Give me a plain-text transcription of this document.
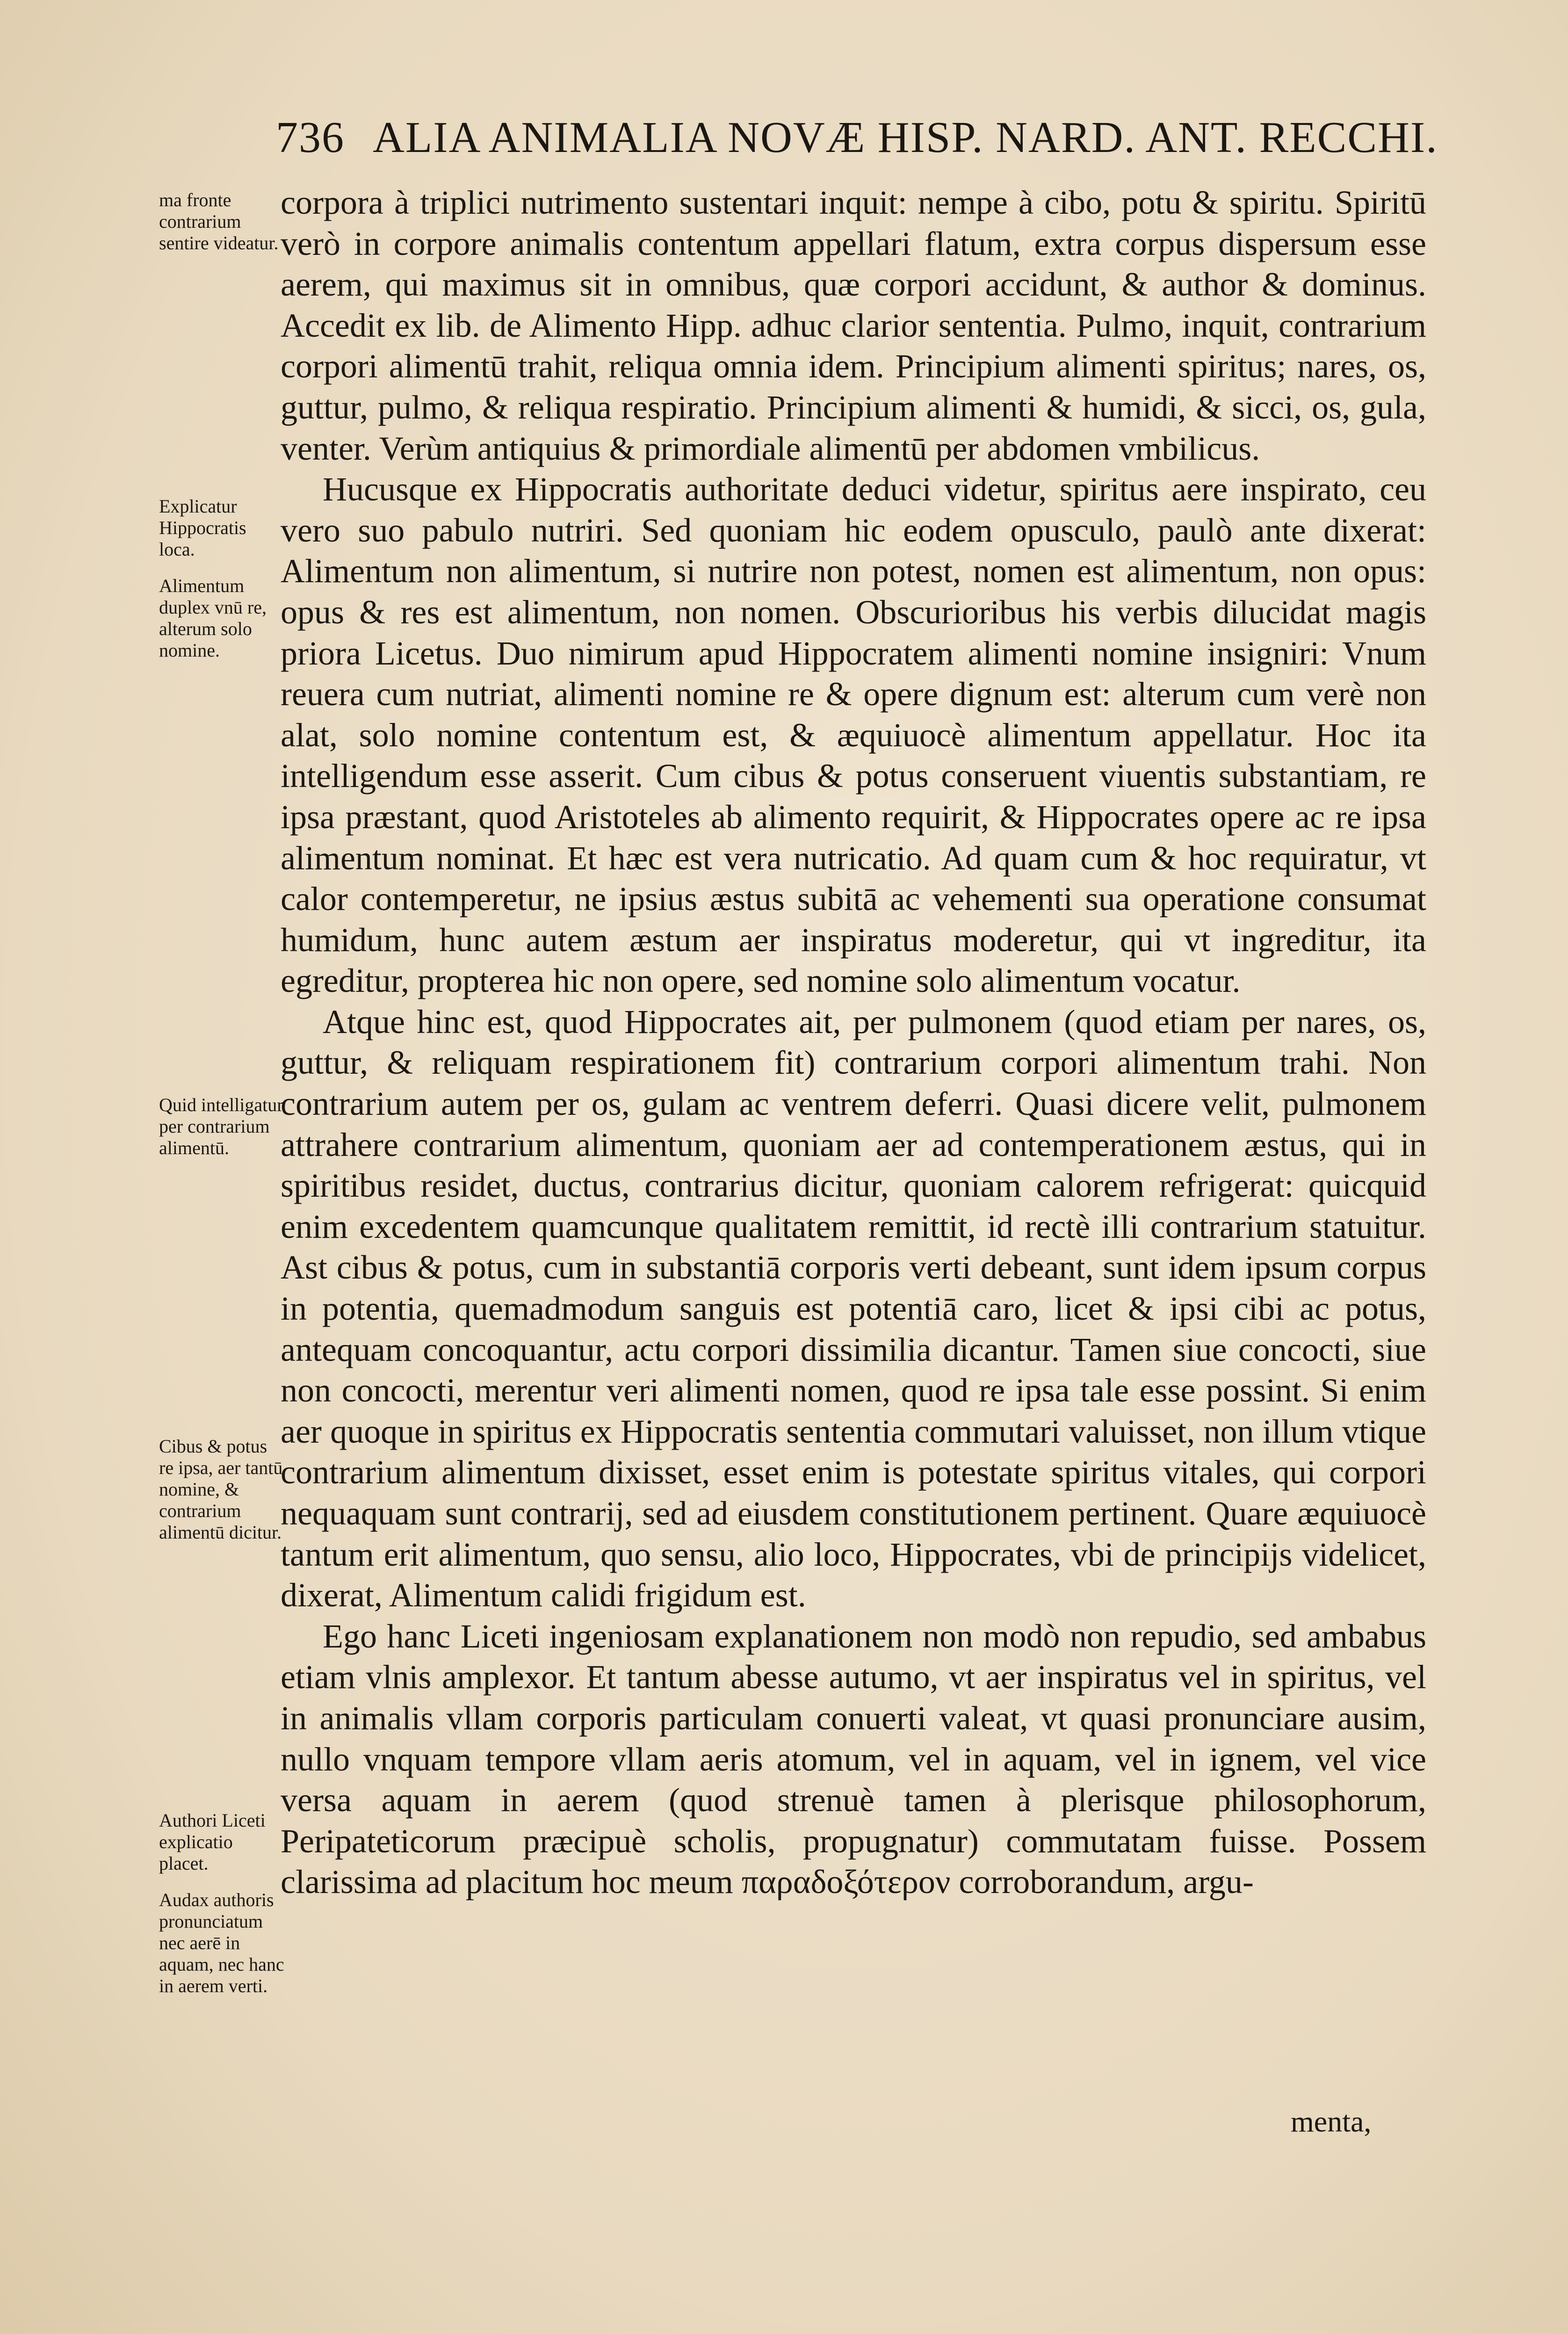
736 ALIA ANIMALIA NOVÆ HISP. NARD. ANT. RECCHI.
ma fronte contrarium sentire videatur.
Explicatur Hippocratis loca.
Alimentum duplex vnū re, alterum solo nomine.
Quid intelligatur per contrarium alimentū.
Cibus & potus re ipsa, aer tantū nomine, & contrarium alimentū dicitur.
Authori Liceti explicatio placet.
Audax authoris pronunciatum nec aerē in aquam, nec hanc in aerem verti.

corpora à triplici nutrimento sustentari inquit: nempe à cibo, potu & spiritu. Spiritū verò in corpore animalis contentum appellari flatum, extra corpus dispersum esse aerem, qui maximus sit in omnibus, quæ corpori accidunt, & author & dominus. Accedit ex lib. de Alimento Hipp. adhuc clarior sententia. Pulmo, inquit, contrarium corpori alimentū trahit, reliqua omnia idem. Principium alimenti spiritus; nares, os, guttur, pulmo, & reliqua respiratio. Principium alimenti & humidi, & sicci, os, gula, venter. Verùm antiquius & primordiale alimentū per abdomen vmbilicus.

Hucusque ex Hippocratis authoritate deduci videtur, spiritus aere inspirato, ceu vero suo pabulo nutriri. Sed quoniam hic eodem opusculo, paulò ante dixerat: Alimentum non alimentum, si nutrire non potest, nomen est alimentum, non opus: opus & res est alimentum, non nomen. Obscurioribus his verbis dilucidat magis priora Licetus. Duo nimirum apud Hippocratem alimenti nomine insigniri: Vnum reuera cum nutriat, alimenti nomine re & opere dignum est: alterum cum verè non alat, solo nomine contentum est, & æquiuocè alimentum appellatur. Hoc ita intelligendum esse asserit. Cum cibus & potus conseruent viuentis substantiam, re ipsa præstant, quod Aristoteles ab alimento requirit, & Hippocrates opere ac re ipsa alimentum nominat. Et hæc est vera nutricatio. Ad quam cum & hoc requiratur, vt calor contemperetur, ne ipsius æstus subitā ac vehementi sua operatione consumat humidum, hunc autem æstum aer inspiratus moderetur, qui vt ingreditur, ita egreditur, propterea hic non opere, sed nomine solo alimentum vocatur.

Atque hinc est, quod Hippocrates ait, per pulmonem (quod etiam per nares, os, guttur, & reliquam respirationem fit) contrarium corpori alimentum trahi. Non contrarium autem per os, gulam ac ventrem deferri. Quasi dicere velit, pulmonem attrahere contrarium alimentum, quoniam aer ad contemperationem æstus, qui in spiritibus residet, ductus, contrarius dicitur, quoniam calorem refrigerat: quicquid enim excedentem quamcunque qualitatem remittit, id rectè illi contrarium statuitur. Ast cibus & potus, cum in substantiā corporis verti debeant, sunt idem ipsum corpus in potentia, quemadmodum sanguis est potentiā caro, licet & ipsi cibi ac potus, antequam concoquantur, actu corpori dissimilia dicantur. Tamen siue concocti, siue non concocti, merentur veri alimenti nomen, quod re ipsa tale esse possint. Si enim aer quoque in spiritus ex Hippocratis sententia commutari valuisset, non illum vtique contrarium alimentum dixisset, esset enim is potestate spiritus vitales, qui corpori nequaquam sunt contrarij, sed ad eiusdem constitutionem pertinent. Quare æquiuocè tantum erit alimentum, quo sensu, alio loco, Hippocrates, vbi de principijs videlicet, dixerat, Alimentum calidi frigidum est.

Ego hanc Liceti ingeniosam explanationem non modò non repudio, sed ambabus etiam vlnis amplexor. Et tantum abesse autumo, vt aer inspiratus vel in spiritus, vel in animalis vllam corporis particulam conuerti valeat, vt quasi pronunciare ausim, nullo vnquam tempore vllam aeris atomum, vel in aquam, vel in ignem, vel vice versa aquam in aerem (quod strenuè tamen à plerisque philosophorum, Peripateticorum præcipuè scholis, propugnatur) commutatam fuisse. Possem clarissima ad placitum hoc meum παραδοξότερον corroborandum, argu-

menta,
